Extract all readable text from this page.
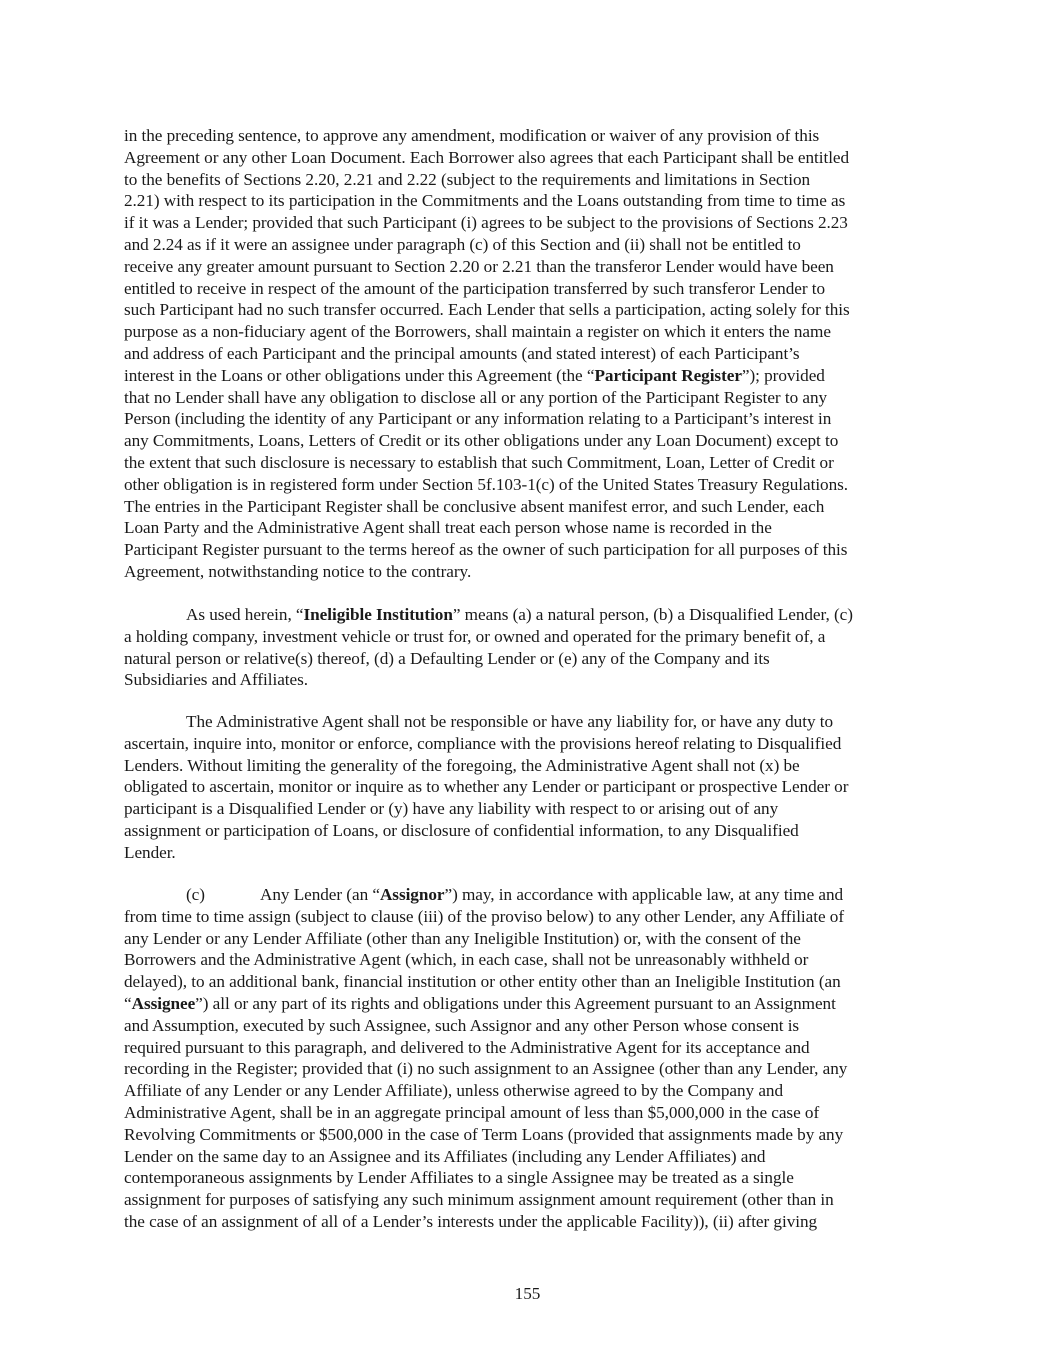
in the preceding sentence, to approve any amendment, modification or waiver of any provision of this
Agreement or any other Loan Document. Each Borrower also agrees that each Participant shall be entitled
to the benefits of Sections 2.20, 2.21 and 2.22 (subject to the requirements and limitations in Section
2.21) with respect to its participation in the Commitments and the Loans outstanding from time to time as
if it was a Lender; provided that such Participant (i) agrees to be subject to the provisions of Sections 2.23
and 2.24 as if it were an assignee under paragraph (c) of this Section and (ii) shall not be entitled to
receive any greater amount pursuant to Section 2.20 or 2.21 than the transferor Lender would have been
entitled to receive in respect of the amount of the participation transferred by such transferor Lender to
such Participant had no such transfer occurred. Each Lender that sells a participation, acting solely for this
purpose as a non-fiduciary agent of the Borrowers, shall maintain a register on which it enters the name
and address of each Participant and the principal amounts (and stated interest) of each Participant’s
interest in the Loans or other obligations under this Agreement (the “Participant Register”); provided
that no Lender shall have any obligation to disclose all or any portion of the Participant Register to any
Person (including the identity of any Participant or any information relating to a Participant’s interest in
any Commitments, Loans, Letters of Credit or its other obligations under any Loan Document) except to
the extent that such disclosure is necessary to establish that such Commitment, Loan, Letter of Credit or
other obligation is in registered form under Section 5f.103-1(c) of the United States Treasury Regulations.
The entries in the Participant Register shall be conclusive absent manifest error, and such Lender, each
Loan Party and the Administrative Agent shall treat each person whose name is recorded in the
Participant Register pursuant to the terms hereof as the owner of such participation for all purposes of this
Agreement, notwithstanding notice to the contrary.
As used herein, “Ineligible Institution” means (a) a natural person, (b) a Disqualified Lender, (c)
a holding company, investment vehicle or trust for, or owned and operated for the primary benefit of, a
natural person or relative(s) thereof, (d) a Defaulting Lender or (e) any of the Company and its
Subsidiaries and Affiliates.
The Administrative Agent shall not be responsible or have any liability for, or have any duty to
ascertain, inquire into, monitor or enforce, compliance with the provisions hereof relating to Disqualified
Lenders. Without limiting the generality of the foregoing, the Administrative Agent shall not (x) be
obligated to ascertain, monitor or inquire as to whether any Lender or participant or prospective Lender or
participant is a Disqualified Lender or (y) have any liability with respect to or arising out of any
assignment or participation of Loans, or disclosure of confidential information, to any Disqualified
Lender.
(c)	Any Lender (an “Assignor”) may, in accordance with applicable law, at any time and
from time to time assign (subject to clause (iii) of the proviso below) to any other Lender, any Affiliate of
any Lender or any Lender Affiliate (other than any Ineligible Institution) or, with the consent of the
Borrowers and the Administrative Agent (which, in each case, shall not be unreasonably withheld or
delayed), to an additional bank, financial institution or other entity other than an Ineligible Institution (an
“Assignee”) all or any part of its rights and obligations under this Agreement pursuant to an Assignment
and Assumption, executed by such Assignee, such Assignor and any other Person whose consent is
required pursuant to this paragraph, and delivered to the Administrative Agent for its acceptance and
recording in the Register; provided that (i) no such assignment to an Assignee (other than any Lender, any
Affiliate of any Lender or any Lender Affiliate), unless otherwise agreed to by the Company and
Administrative Agent, shall be in an aggregate principal amount of less than $5,000,000 in the case of
Revolving Commitments or $500,000 in the case of Term Loans (provided that assignments made by any
Lender on the same day to an Assignee and its Affiliates (including any Lender Affiliates) and
contemporaneous assignments by Lender Affiliates to a single Assignee may be treated as a single
assignment for purposes of satisfying any such minimum assignment amount requirement (other than in
the case of an assignment of all of a Lender’s interests under the applicable Facility)), (ii) after giving
155
